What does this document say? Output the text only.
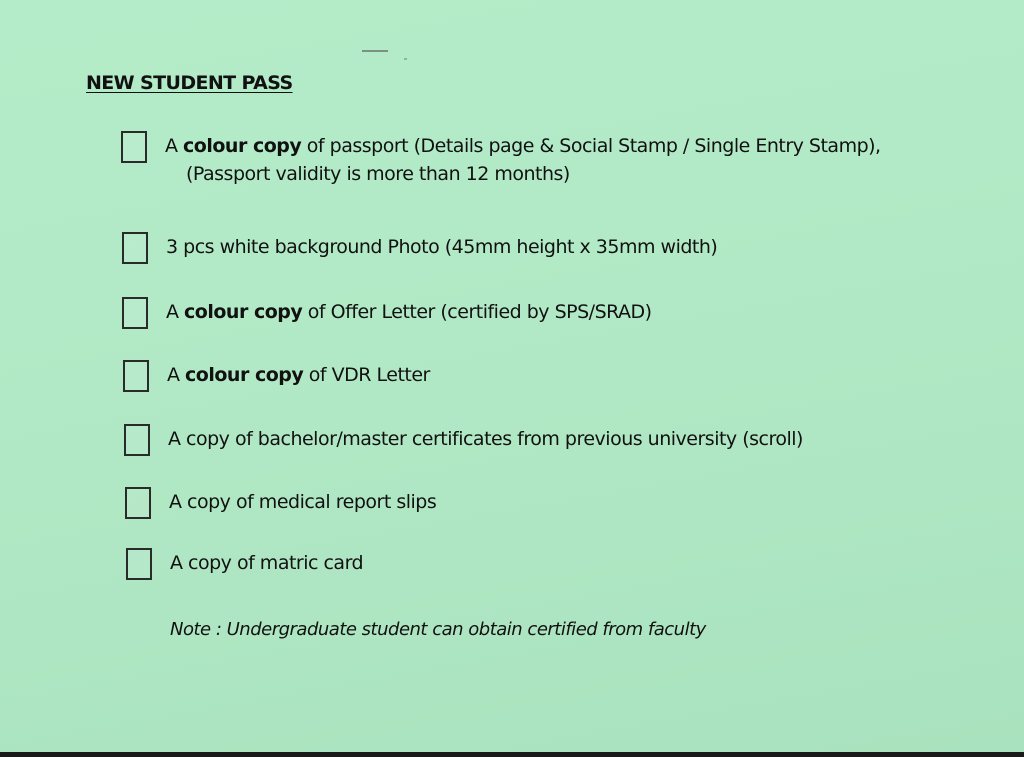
NEW STUDENT PASS
A colour copy of passport (Details page & Social Stamp / Single Entry Stamp),
(Passport validity is more than 12 months)
3 pcs white background Photo (45mm height x 35mm width)
A colour copy of Offer Letter (certified by SPS/SRAD)
A colour copy of VDR Letter
A copy of bachelor/master certificates from previous university (scroll)
A copy of medical report slips
A copy of matric card
Note : Undergraduate student can obtain certified from faculty
